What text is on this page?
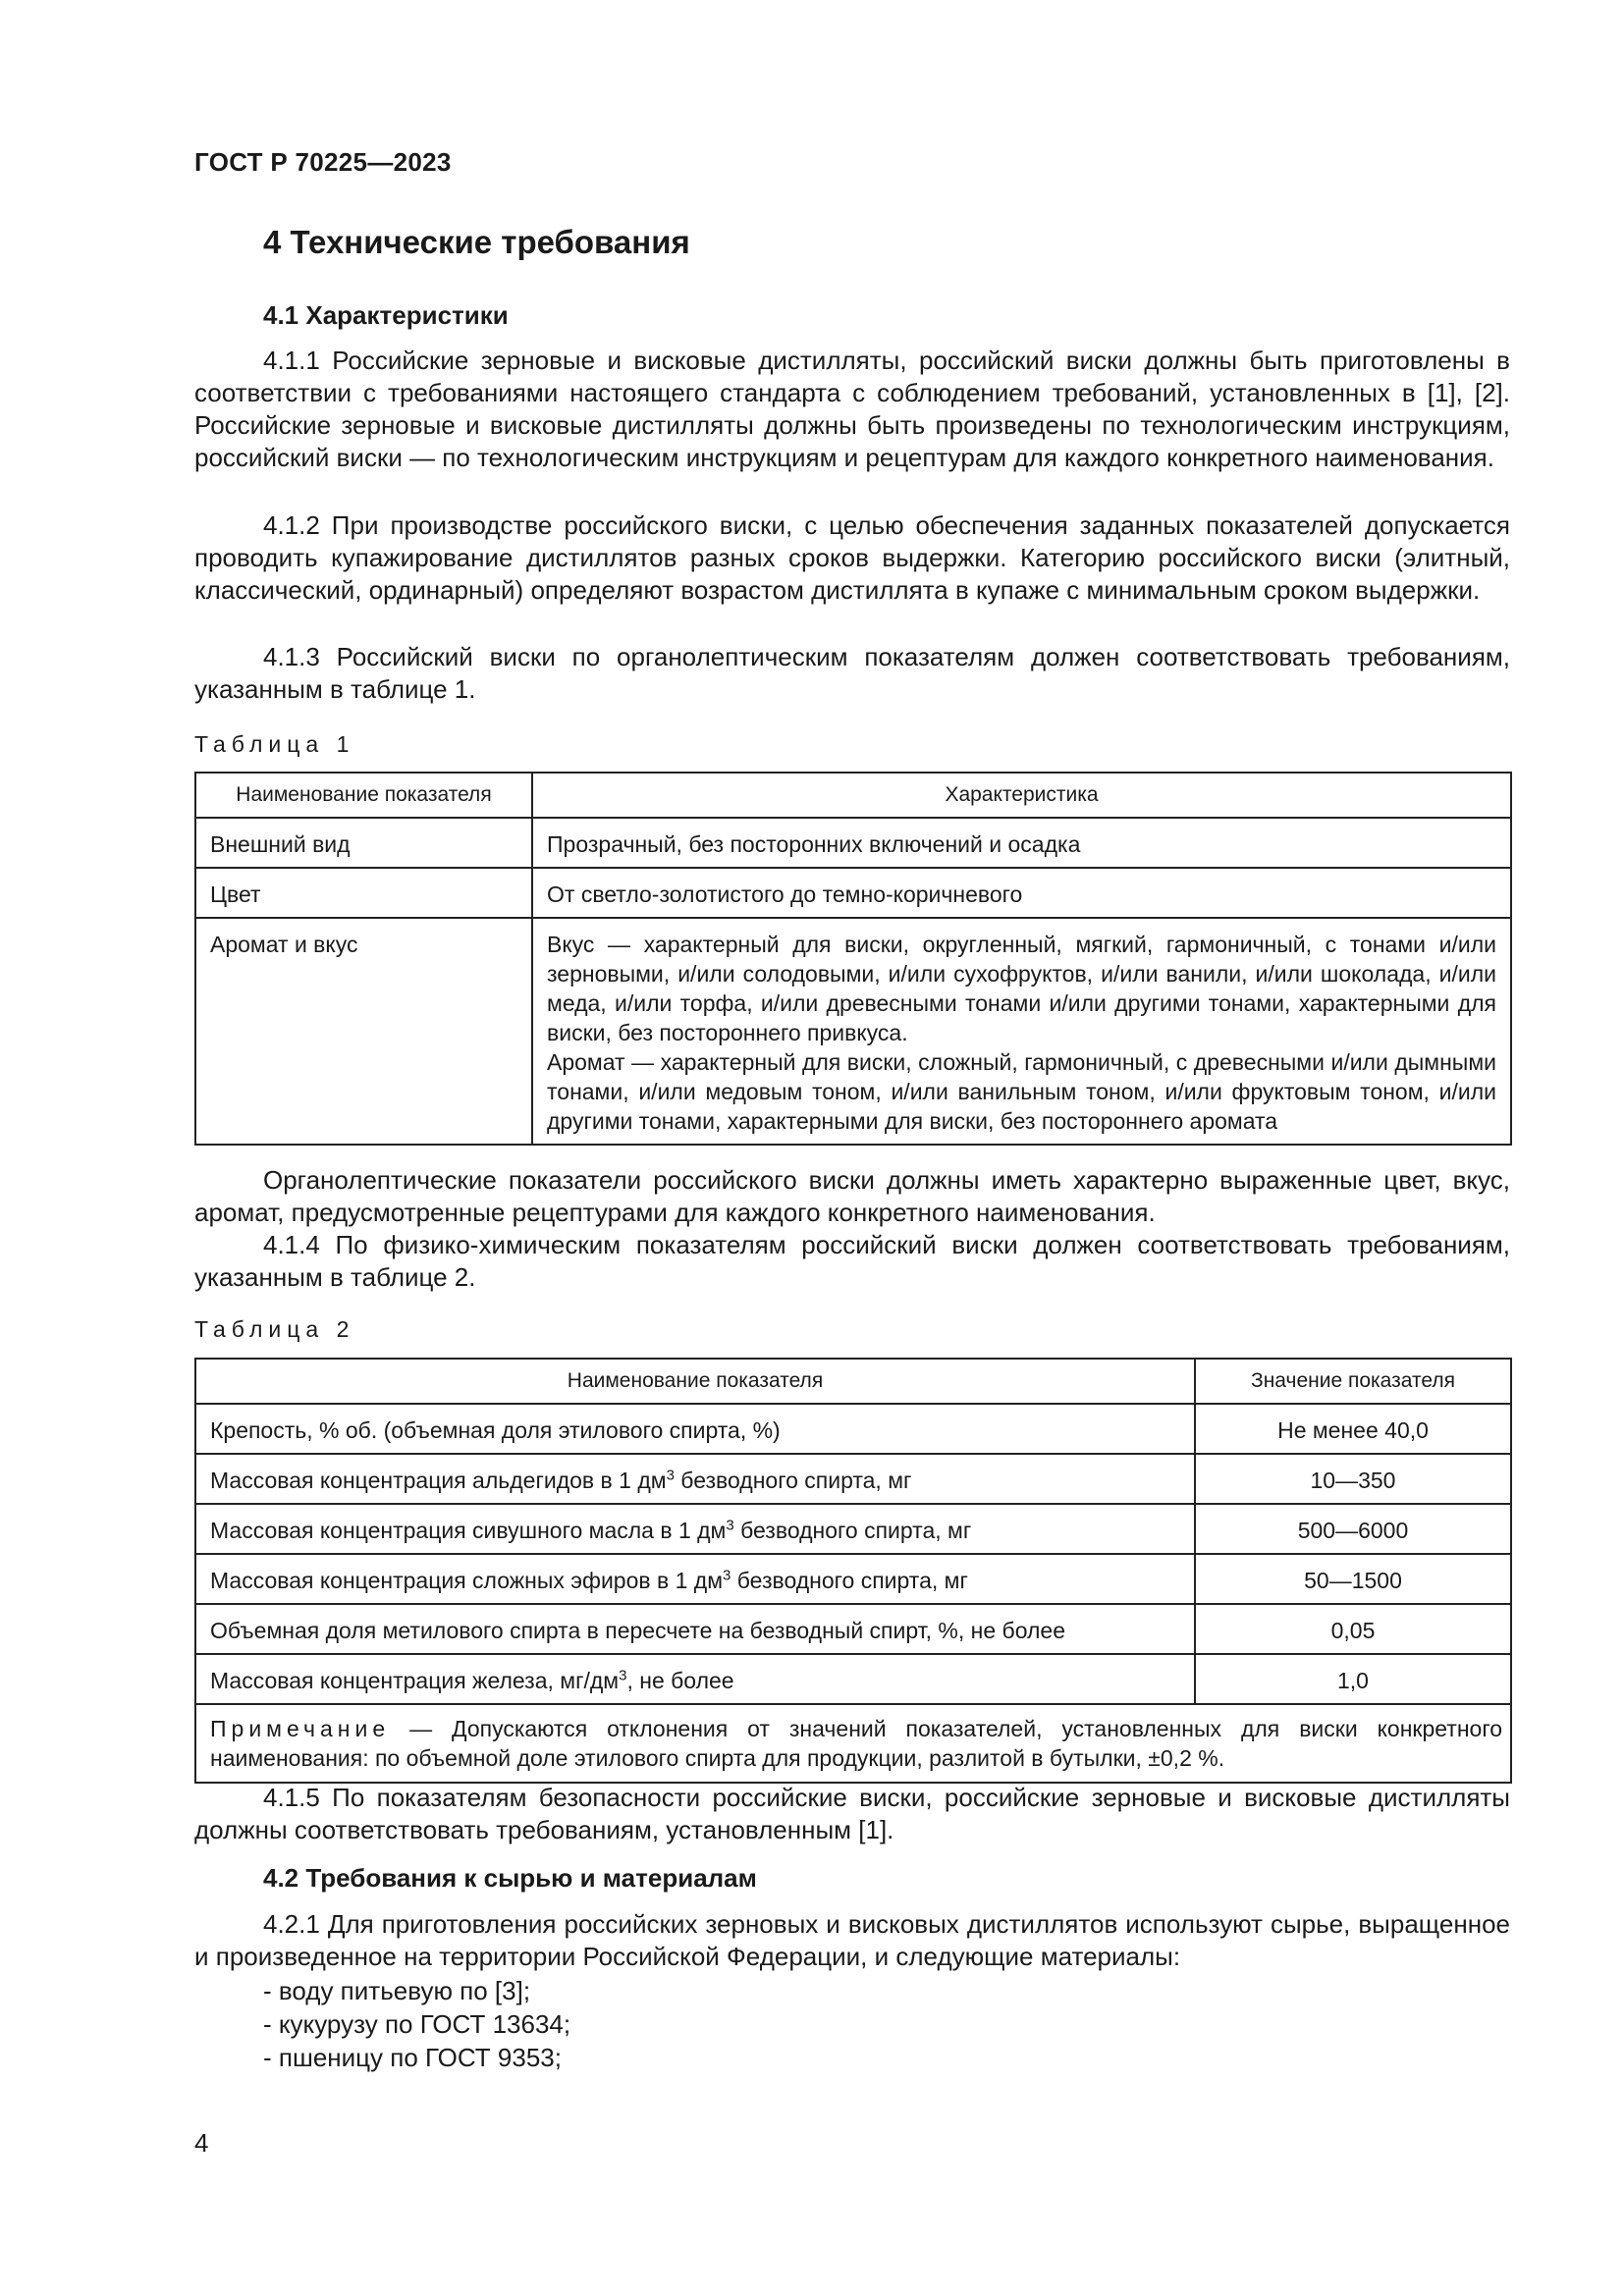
ГОСТ Р 70225—2023
4 Технические требования
4.1 Характеристики

4.1.1 Российские зерновые и висковые дистилляты, российский виски должны быть приготовлены в соответствии с требованиями настоящего стандарта с соблюдением требований, установленных в [1], [2]. Российские зерновые и висковые дистилляты должны быть произведены по технологическим инструкциям, российский виски — по технологическим инструкциям и рецептурам для каждого конкретного наименования.

4.1.2 При производстве российского виски, с целью обеспечения заданных показателей допускается проводить купажирование дистиллятов разных сроков выдержки. Категорию российского виски (элитный, классический, ординарный) определяют возрастом дистиллята в купаже с минимальным сроком выдержки.

4.1.3 Российский виски по органолептическим показателям должен соответствовать требованиям, указанным в таблице 1.

Таблица 1
Наименование показателя	Характеристика
Внешний вид	Прозрачный, без посторонних включений и осадка
Цвет	От светло-золотистого до темно-коричневого
Аромат и вкус	Вкус — характерный для виски, округленный, мягкий, гармоничный, с тонами и/или зерновыми, и/или солодовыми, и/или сухофруктов, и/или ванили, и/или шоколада, и/или меда, и/или торфа, и/или древесными тонами и/или другими тонами, характерными для виски, без постороннего привкуса.
Аромат — характерный для виски, сложный, гармоничный, с древесными и/или дымными тонами, и/или медовым тоном, и/или ванильным тоном, и/или фруктовым тоном, и/или другими тонами, характерными для виски, без постороннего аромата

Органолептические показатели российского виски должны иметь характерно выраженные цвет, вкус, аромат, предусмотренные рецептурами для каждого конкретного наименования.

4.1.4 По физико-химическим показателям российский виски должен соответствовать требованиям, указанным в таблице 2.

Таблица 2
Наименование показателя	Значение показателя
Крепость, % об. (объемная доля этилового спирта, %)	Не менее 40,0
Массовая концентрация альдегидов в 1 $дм^3$ безводного спирта, мг	10—350
Массовая концентрация сивушного масла в 1 $дм^3$ безводного спирта, мг	500—6000
Массовая концентрация сложных эфиров в 1 $дм^3$ безводного спирта, мг	50—1500
Объемная доля метилового спирта в пересчете на безводный спирт, %, не более	0,05
Массовая концентрация железа, $мг/дм^3$, не более	1,0
Примечание — Допускаются отклонения от значений показателей, установленных для виски конкретного наименования: по объемной доле этилового спирта для продукции, разлитой в бутылки, ±0,2 %.	

4.1.5 По показателям безопасности российские виски, российские зерновые и висковые дистилляты должны соответствовать требованиям, установленным [1].

4.2 Требования к сырью и материалам

4.2.1 Для приготовления российских зерновых и висковых дистиллятов используют сырье, выращенное и произведенное на территории Российской Федерации, и следующие материалы:

- воду питьевую по [3];
- кукурузу по ГОСТ 13634;
- пшеницу по ГОСТ 9353;
4
